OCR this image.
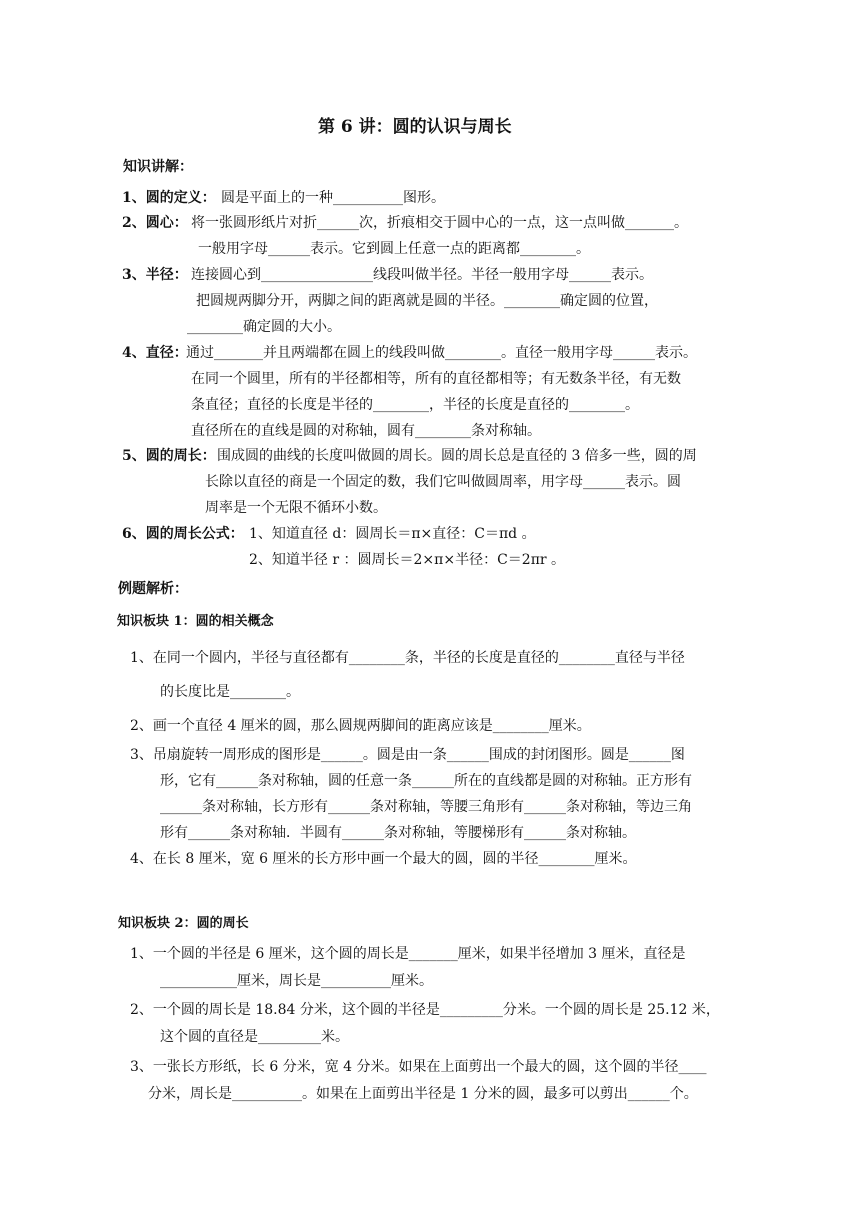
第 6 讲：圆的认识与周长
知识讲解：
1、圆的定义： 圆是平面上的一种__________图形。
2、圆心： 将一张圆形纸片对折______次，折痕相交于圆中心的一点，这一点叫做_______。
一般用字母______表示。它到圆上任意一点的距离都________。
3、半径： 连接圆心到________________线段叫做半径。半径一般用字母______表示。
把圆规两脚分开，两脚之间的距离就是圆的半径。________确定圆的位置，
________确定圆的大小。
4、直径：
通过_______并且两端都在圆上的线段叫做________。直径一般用字母______表示。
在同一个圆里，所有的半径都相等，所有的直径都相等；有无数条半径，有无数
条直径；直径的长度是半径的________，半径的长度是直径的________。
直径所在的直线是圆的对称轴，圆有________条对称轴。
5、圆的周长： 围成圆的曲线的长度叫做圆的周长。圆的周长总是直径的 3 倍多一些，圆的周
长除以直径的商是一个固定的数，我们它叫做圆周率，用字母______表示。圆
周率是一个无限不循环小数。
6、圆的周长公式： 1、知道直径 d：圆周长＝π×直径：C＝πd 。
2、知道半径 r ：圆周长＝2×π×半径：C＝2πr 。
例题解析：
知识板块 1：圆的相关概念
1、在同一个圆内，半径与直径都有________条，半径的长度是直径的________直径与半径
的长度比是________。
2、画一个直径 4 厘米的圆，那么圆规两脚间的距离应该是________厘米。
3、吊扇旋转一周形成的图形是______。圆是由一条______围成的封闭图形。圆是______图
形，它有______条对称轴，圆的任意一条______所在的直线都是圆的对称轴。正方形有
______条对称轴，长方形有______条对称轴，等腰三角形有______条对称轴，等边三角
形有______条对称轴．半圆有______条对称轴，等腰梯形有______条对称轴。
4、在长 8 厘米，宽 6 厘米的长方形中画一个最大的圆，圆的半径________厘米。
知识板块 2：圆的周长
1、一个圆的半径是 6 厘米，这个圆的周长是_______厘米，如果半径增加 3 厘米，直径是
___________厘米，周长是__________厘米。
2、一个圆的周长是 18.84 分米，这个圆的半径是_________分米。一个圆的周长是 25.12 米，
这个圆的直径是_________米。
3、一张长方形纸，长 6 分米，宽 4 分米。如果在上面剪出一个最大的圆，这个圆的半径____
分米，周长是__________。如果在上面剪出半径是 1 分米的圆，最多可以剪出______个。
